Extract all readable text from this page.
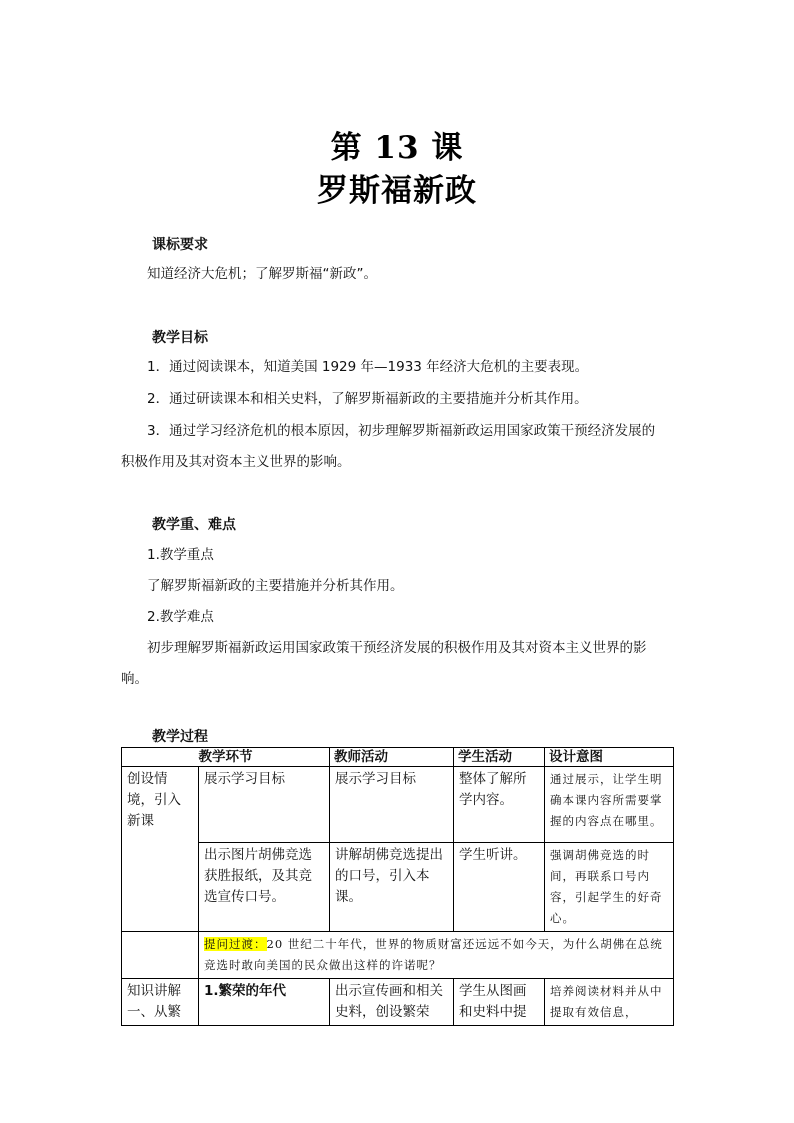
第 13 课
罗斯福新政
课标要求
知道经济大危机；了解罗斯福“新政”。
教学目标
1．通过阅读课本，知道美国 1929 年—1933 年经济大危机的主要表现。
2．通过研读课本和相关史料，了解罗斯福新政的主要措施并分析其作用。
3．通过学习经济危机的根本原因，初步理解罗斯福新政运用国家政策干预经济发展的
积极作用及其对资本主义世界的影响。
教学重、难点
1.教学重点
了解罗斯福新政的主要措施并分析其作用。
2.教学难点
初步理解罗斯福新政运用国家政策干预经济发展的积极作用及其对资本主义世界的影
响。
教学过程
教学环节		教师活动	学生活动	设计意图
创设情境，引入新课	展示学习目标	展示学习目标	整体了解所学内容。	通过展示，让学生明确本课内容所需要掌握的内容点在哪里。
	出示图片胡佛竞选获胜报纸，及其竞选宣传口号。	讲解胡佛竞选提出的口号，引入本课。	学生听讲。	强调胡佛竞选的时间，再联系口号内容，引起学生的好奇心。
	提问过渡：20 世纪二十年代，世界的物质财富还远远不如今天，为什么胡佛在总统竞选时敢向美国的民众做出这样的许诺呢？			
知识讲解一、从繁	1.繁荣的年代	出示宣传画和相关史料，创设繁荣	学生从图画和史料中提	培养阅读材料并从中提取有效信息，
